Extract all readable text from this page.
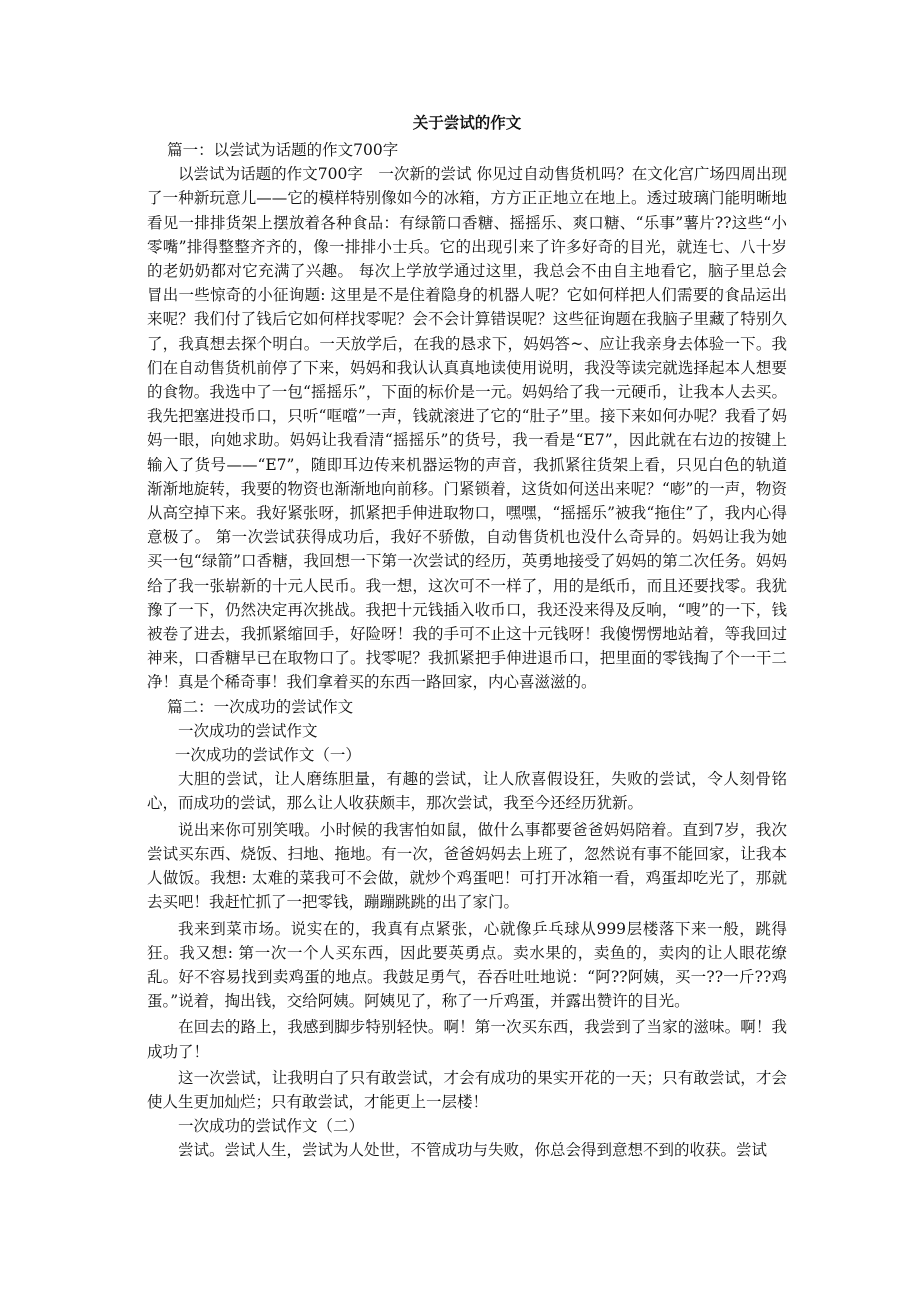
关于尝试的作文

篇一：以尝试为话题的作文700字

以尝试为话题的作文700字　一次新的尝试 你见过自动售货机吗？在文化宫广场四周出现了一种新玩意儿——它的模样特别像如今的冰箱，方方正正地立在地上。透过玻璃门能明晰地看见一排排货架上摆放着各种食品：有绿箭口香糖、摇摇乐、爽口糖、“乐事”薯片??这些“小零嘴”排得整整齐齐的，像一排排小士兵。它的出现引来了许多好奇的目光，就连七、八十岁的老奶奶都对它充满了兴趣。 每次上学放学通过这里，我总会不由自主地看它，脑子里总会冒出一些惊奇的小征询题: 这里是不是住着隐身的机器人呢？它如何样把人们需要的食品运出来呢？我们付了钱后它如何样找零呢？会不会计算错误呢？这些征询题在我脑子里藏了特别久了，我真想去探个明白。一天放学后，在我的恳求下，妈妈答~、应让我亲身去体验一下。我们在自动售货机前停了下来，妈妈和我认认真真地读使用说明，我没等读完就选择起本人想要的食物。我选中了一包“摇摇乐”，下面的标价是一元。妈妈给了我一元硬币，让我本人去买。我先把塞进投币口，只听“哐噹”一声，钱就滚进了它的“肚子”里。接下来如何办呢？我看了妈妈一眼，向她求助。妈妈让我看清“摇摇乐”的货号，我一看是“E7”，因此就在右边的按键上输入了货号——“E7”，随即耳边传来机器运物的声音，我抓紧往货架上看，只见白色的轨道渐渐地旋转，我要的物资也渐渐地向前移。门紧锁着，这货如何送出来呢？“嘭”的一声，物资从高空掉下来。我好紧张呀，抓紧把手伸进取物口，嘿嘿，“摇摇乐”被我“拖住”了，我内心得意极了。 第一次尝试获得成功后，我好不骄傲，自动售货机也没什么奇异的。妈妈让我为她买一包“绿箭”口香糖，我回想一下第一次尝试的经历，英勇地接受了妈妈的第二次任务。妈妈给了我一张崭新的十元人民币。我一想，这次可不一样了，用的是纸币，而且还要找零。我犹豫了一下，仍然决定再次挑战。我把十元钱插入收币口，我还没来得及反响，“嗖”的一下，钱被卷了进去，我抓紧缩回手，好险呀！我的手可不止这十元钱呀！我傻愣愣地站着，等我回过神来，口香糖早已在取物口了。找零呢？我抓紧把手伸进退币口，把里面的零钱掏了个一干二净！真是个稀奇事！我们拿着买的东西一路回家，内心喜滋滋的。

篇二：一次成功的尝试作文

一次成功的尝试作文

一次成功的尝试作文（一）

大胆的尝试，让人磨练胆量，有趣的尝试，让人欣喜假设狂，失败的尝试，令人刻骨铭心，而成功的尝试，那么让人收获颇丰，那次尝试，我至今还经历犹新。

说出来你可别笑哦。小时候的我害怕如鼠，做什么事都要爸爸妈妈陪着。直到7岁，我次尝试买东西、烧饭、扫地、拖地。有一次，爸爸妈妈去上班了，忽然说有事不能回家，让我本人做饭。我想: 太难的菜我可不会做，就炒个鸡蛋吧！可打开冰箱一看，鸡蛋却吃光了，那就去买吧！我赶忙抓了一把零钱，蹦蹦跳跳的出了家门。

我来到菜市场。说实在的，我真有点紧张，心就像乒乓球从999层楼落下来一般，跳得狂。我又想: 第一次一个人买东西，因此要英勇点。卖水果的，卖鱼的，卖肉的让人眼花缭乱。好不容易找到卖鸡蛋的地点。我鼓足勇气，吞吞吐吐地说：“阿??阿姨，买一??一斤??鸡蛋。”说着，掏出钱，交给阿姨。阿姨见了，称了一斤鸡蛋，并露出赞许的目光。

在回去的路上，我感到脚步特别轻快。啊！第一次买东西，我尝到了当家的滋味。啊！我成功了！

这一次尝试，让我明白了只有敢尝试，才会有成功的果实开花的一天；只有敢尝试，才会使人生更加灿烂；只有敢尝试，才能更上一层楼！

一次成功的尝试作文（二）

尝试。尝试人生，尝试为人处世，不管成功与失败，你总会得到意想不到的收获。尝试
